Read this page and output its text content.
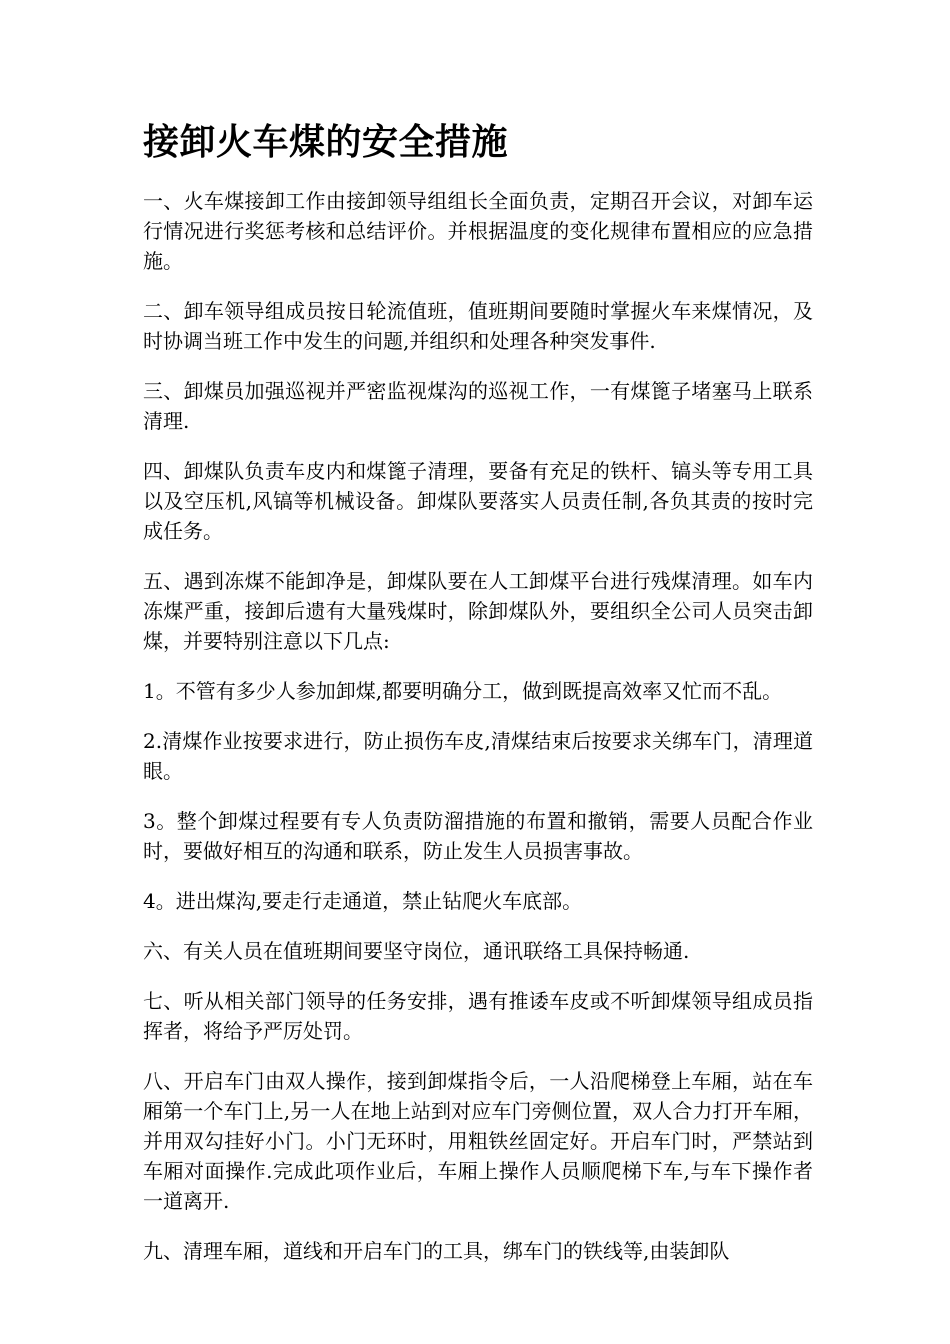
接卸火车煤的安全措施

一、火车煤接卸工作由接卸领导组组长全面负责，定期召开会议，对卸车运行情况进行奖惩考核和总结评价。并根据温度的变化规律布置相应的应急措施。

二、卸车领导组成员按日轮流值班，值班期间要随时掌握火车来煤情况，及时协调当班工作中发生的问题,并组织和处理各种突发事件.

三、卸煤员加强巡视并严密监视煤沟的巡视工作，一有煤篦子堵塞马上联系清理.

四、卸煤队负责车皮内和煤篦子清理，要备有充足的铁杆、镐头等专用工具以及空压机,风镐等机械设备。卸煤队要落实人员责任制,各负其责的按时完成任务。

五、遇到冻煤不能卸净是，卸煤队要在人工卸煤平台进行残煤清理。如车内冻煤严重，接卸后遗有大量残煤时，除卸煤队外，要组织全公司人员突击卸煤，并要特别注意以下几点:

1。不管有多少人参加卸煤,都要明确分工，做到既提高效率又忙而不乱。

2.清煤作业按要求进行，防止损伤车皮,清煤结束后按要求关绑车门，清理道眼。

3。整个卸煤过程要有专人负责防溜措施的布置和撤销，需要人员配合作业时，要做好相互的沟通和联系，防止发生人员损害事故。

4。进出煤沟,要走行走通道，禁止钻爬火车底部。

六、有关人员在值班期间要坚守岗位，通讯联络工具保持畅通.

七、听从相关部门领导的任务安排，遇有推诿车皮或不听卸煤领导组成员指挥者，将给予严厉处罚。

八、开启车门由双人操作，接到卸煤指令后，一人沿爬梯登上车厢，站在车厢第一个车门上,另一人在地上站到对应车门旁侧位置，双人合力打开车厢，并用双勾挂好小门。小门无环时，用粗铁丝固定好。开启车门时，严禁站到车厢对面操作.完成此项作业后，车厢上操作人员顺爬梯下车,与车下操作者一道离开.

九、清理车厢，道线和开启车门的工具，绑车门的铁线等,由装卸队
